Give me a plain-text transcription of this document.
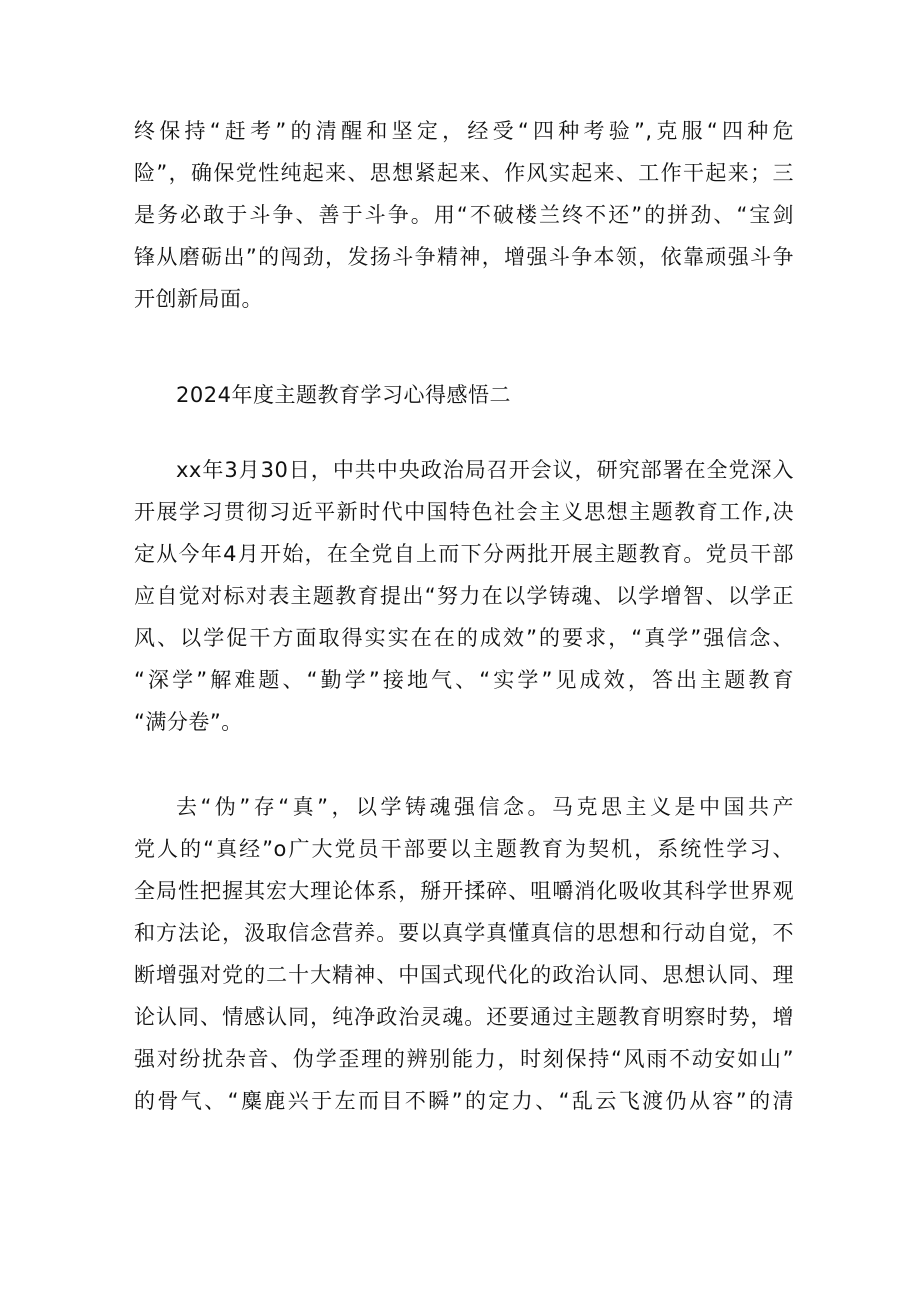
终保持“赶考”的清醒和坚定，经受“四种考验”,克服“四种危
险”，确保党性纯起来、思想紧起来、作风实起来、工作干起来；三
是务必敢于斗争、善于斗争。用“不破楼兰终不还”的拼劲、“宝剑
锋从磨砺出”的闯劲，发扬斗争精神，增强斗争本领，依靠顽强斗争
开创新局面。
2024年度主题教育学习心得感悟二
xx年3月30日，中共中央政治局召开会议，研究部署在全党深入
开展学习贯彻习近平新时代中国特色社会主义思想主题教育工作,决
定从今年4月开始，在全党自上而下分两批开展主题教育。党员干部
应自觉对标对表主题教育提出“努力在以学铸魂、以学增智、以学正
风、以学促干方面取得实实在在的成效”的要求，“真学”强信念、
“深学”解难题、“勤学”接地气、“实学”见成效，答出主题教育
“满分卷”。
去“伪”存“真”，以学铸魂强信念。马克思主义是中国共产
党人的“真经”o广大党员干部要以主题教育为契机，系统性学习、
全局性把握其宏大理论体系，掰开揉碎、咀嚼消化吸收其科学世界观
和方法论，汲取信念营养。要以真学真懂真信的思想和行动自觉，不
断增强对党的二十大精神、中国式现代化的政治认同、思想认同、理
论认同、情感认同，纯净政治灵魂。还要通过主题教育明察时势，增
强对纷扰杂音、伪学歪理的辨别能力，时刻保持“风雨不动安如山”
的骨气、“麋鹿兴于左而目不瞬”的定力、“乱云飞渡仍从容”的清
